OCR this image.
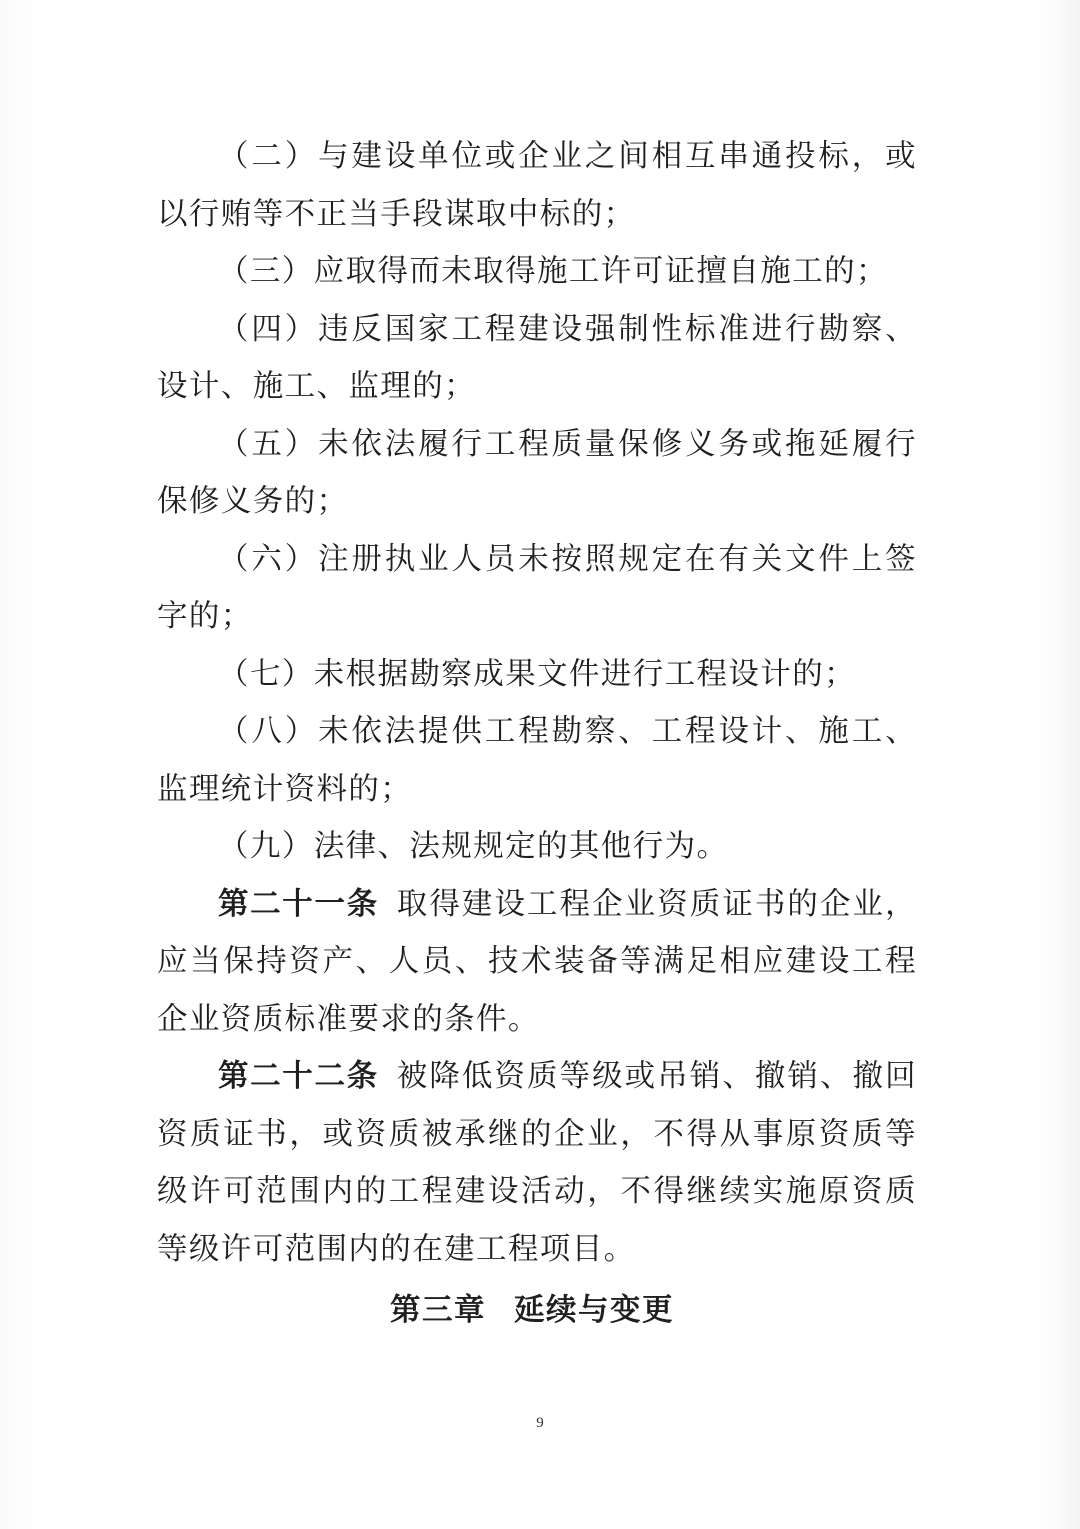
（二）与建设单位或企业之间相互串通投标，或以行贿等不正当手段谋取中标的；

（三）应取得而未取得施工许可证擅自施工的；

（四）违反国家工程建设强制性标准进行勘察、设计、施工、监理的；

（五）未依法履行工程质量保修义务或拖延履行保修义务的；

（六）注册执业人员未按照规定在有关文件上签字的；

（七）未根据勘察成果文件进行工程设计的；

（八）未依法提供工程勘察、工程设计、施工、监理统计资料的；

（九）法律、法规规定的其他行为。

第二十一条 取得建设工程企业资质证书的企业，应当保持资产、人员、技术装备等满足相应建设工程企业资质标准要求的条件。

第二十二条 被降低资质等级或吊销、撤销、撤回资质证书，或资质被承继的企业，不得从事原资质等级许可范围内的工程建设活动，不得继续实施原资质等级许可范围内的在建工程项目。

第三章 延续与变更

9
